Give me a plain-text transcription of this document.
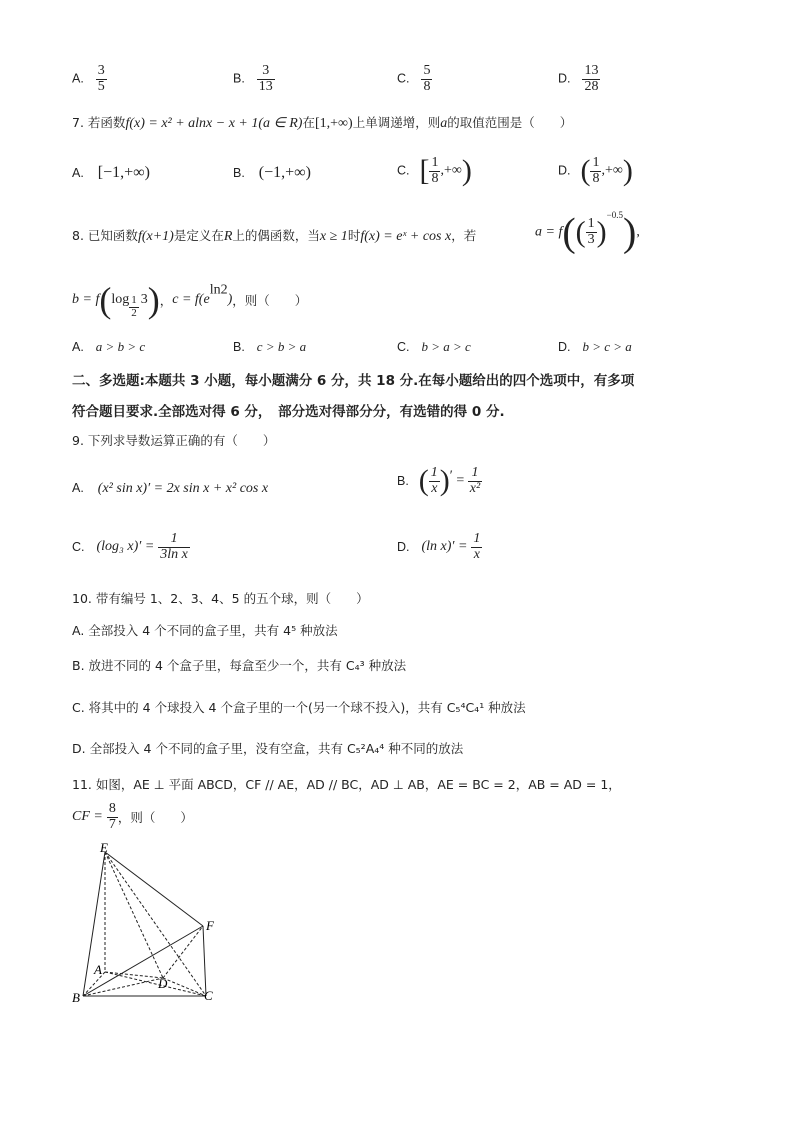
A. $\frac{3}{5}$	B. $\frac{3}{13}$	C. $\frac{5}{8}$	D. $\frac{13}{28}$
7. 若函数f(x) = x² + alnx − x + 1(a ∈ R)在[1,+∞)上单调递增，则a的取值范围是（　　）
A. [−1,+∞)	B. (−1,+∞)	C. [ $\frac{1}{8}$ ,+∞)	D. ( $\frac{1}{8}$ ,+∞)
8. 已知函数f(x+1)是定义在R上的偶函数，当x ≥ 1时f(x) = eˣ + cos x，若	$a = f(( \frac{1}{3} )^{-0.5})$,
$b = f(\log \frac{1}{2} 3)$，$c = f(e^{ln2})$，则（　　）
A. a > b > c	B. c > b > a	C. b > a > c	D. b > c > a
二、多选题:本题共 3 小题，每小题满分 6 分，共 18 分.在每小题给出的四个选项中，有多项
符合题目要求.全部选对得 6 分，　部分选对得部分分，有选错的得 0 分.
9. 下列求导数运算正确的有（　　）
A. (x² sin x)′ = 2x sin x + x² cos x	B. ( $\frac{1}{x} )' = \frac{1}{\text{x²}}$
C. (log₃ $x)' = \frac{1}{\text{3ln x}}$	D. (ln $x)' = \frac{1}{x}$
10. 带有编号 1、2、3、4、5 的五个球，则（　　）
A. 全部投入 4 个不同的盒子里，共有 4⁵ 种放法
B. 放进不同的 4 个盒子里，每盒至少一个，共有 C₄³ 种放法
C. 将其中的 4 个球投入 4 个盒子里的一个(另一个球不投入)，共有 C₅⁴C₄¹ 种放法
D. 全部投入 4 个不同的盒子里，没有空盒，共有 C₅²A₄⁴ 种不同的放法
11. 如图，AE ⊥ 平面 ABCD，CF // AE，AD // BC，AD ⊥ AB，AE = BC = 2，AB = AD = 1，
CF = $\frac{8}{7}$ ，则（　　）
E
F
A
B	C
D
